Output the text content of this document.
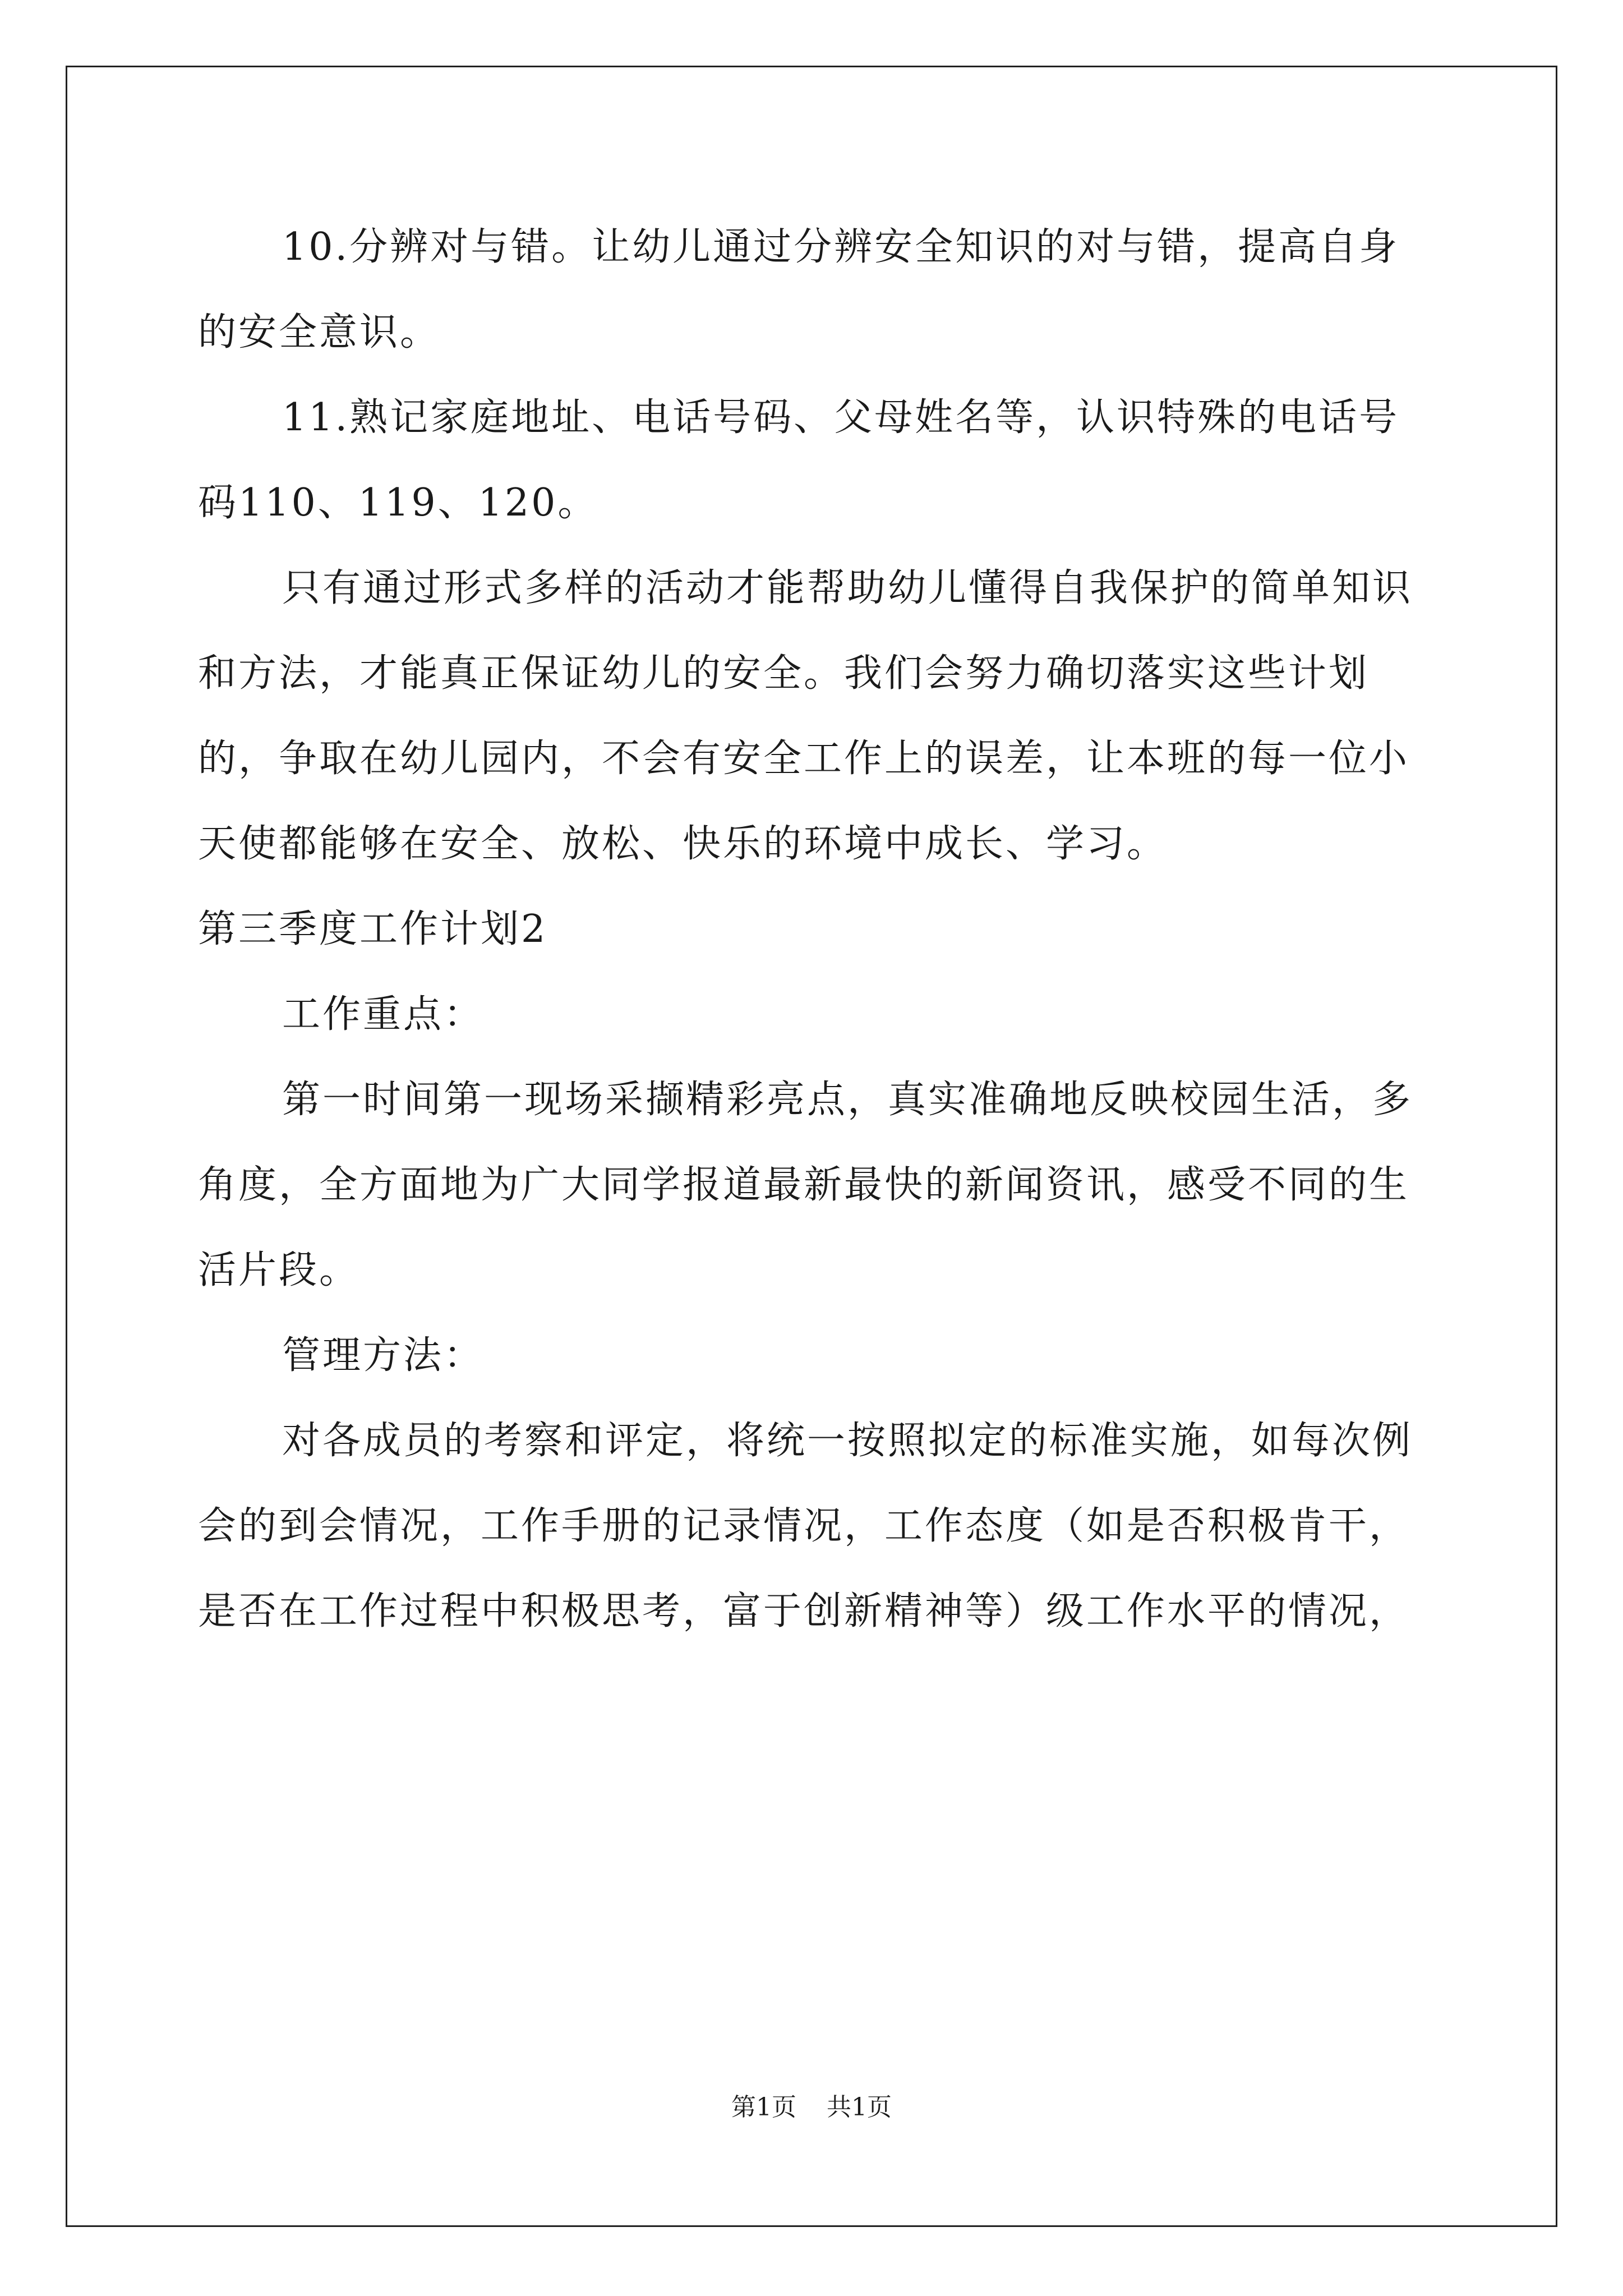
10.分辨对与错。让幼儿通过分辨安全知识的对与错，提高自身的安全意识。

11.熟记家庭地址、电话号码、父母姓名等，认识特殊的电话号码110、119、120。

只有通过形式多样的活动才能帮助幼儿懂得自我保护的简单知识和方法，才能真正保证幼儿的安全。我们会努力确切落实这些计划的，争取在幼儿园内，不会有安全工作上的误差，让本班的每一位小天使都能够在安全、放松、快乐的环境中成长、学习。

第三季度工作计划2

工作重点：

第一时间第一现场采撷精彩亮点，真实准确地反映校园生活，多角度，全方面地为广大同学报道最新最快的新闻资讯，感受不同的生活片段。

管理方法：

对各成员的考察和评定，将统一按照拟定的标准实施，如每次例会的到会情况，工作手册的记录情况，工作态度（如是否积极肯干，是否在工作过程中积极思考，富于创新精神等）级工作水平的情况，

第1页 共1页
